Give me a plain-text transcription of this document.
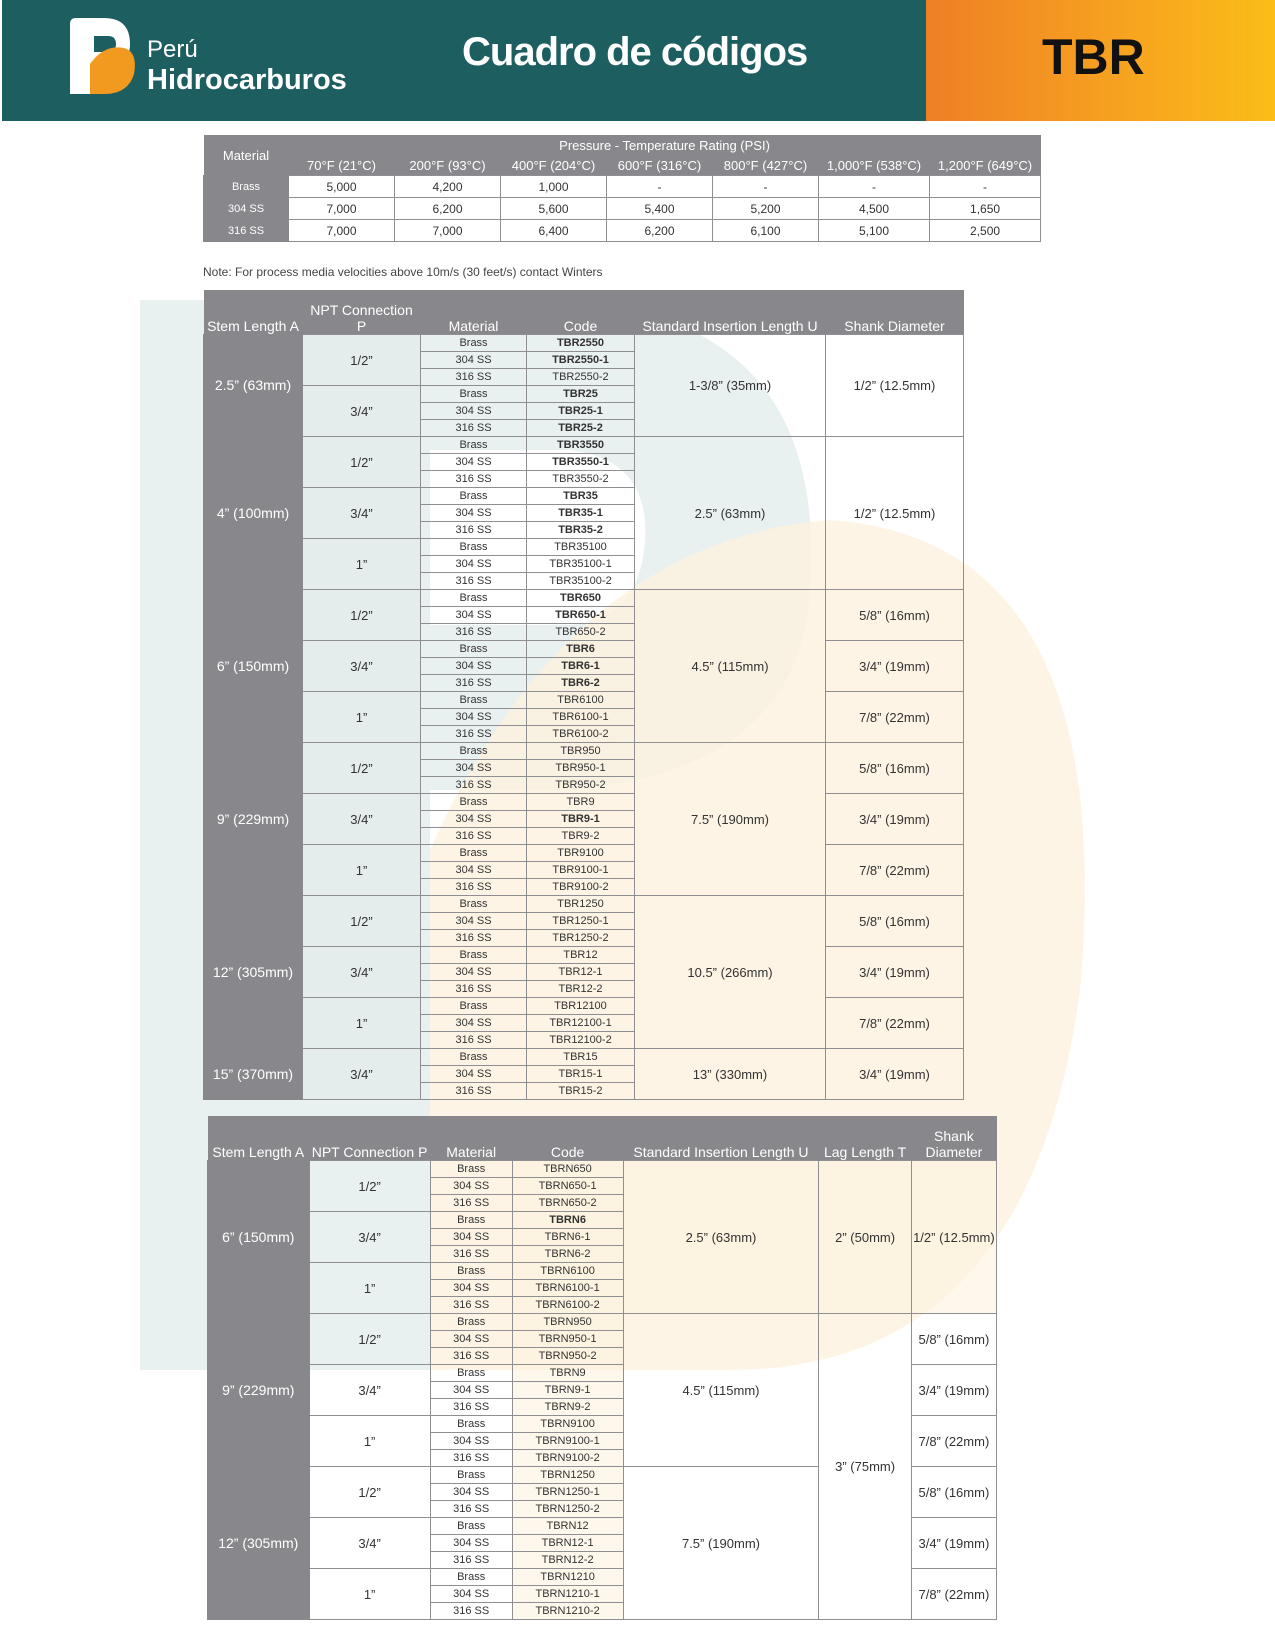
Perú
Hidrocarburos
Cuadro de códigos	TBR
Material	Pressure - Temperature Rating (PSI)						
	70°F (21°C)	200°F (93°C)	400°F (204°C)	600°F (316°C)	800°F (427°C)	1,000°F (538°C)	1,200°F (649°C)
Brass	5,000	4,200	1,000	-	-	-	-
304 SS	7,000	6,200	5,600	5,400	5,200	4,500	1,650
316 SS	7,000	7,000	6,400	6,200	6,100	5,100	2,500
Note: For process media velocities above 10m/s (30 feet/s) contact Winters
Stem Length A	NPT Connection P	Material	Code	Standard Insertion Length U	Shank Diameter
2.5” (63mm)	1/2”	Brass	TBR2550	1-3/8” (35mm)	1/2” (12.5mm)
		304 SS	TBR2550-1		
		316 SS	TBR2550-2		
	3/4”	Brass	TBR25		
		304 SS	TBR25-1		
		316 SS	TBR25-2		
4” (100mm)	1/2”	Brass	TBR3550	2.5” (63mm)	1/2” (12.5mm)
		304 SS	TBR3550-1		
		316 SS	TBR3550-2		
	3/4”	Brass	TBR35		
		304 SS	TBR35-1		
		316 SS	TBR35-2		
	1”	Brass	TBR35100		
		304 SS	TBR35100-1		
		316 SS	TBR35100-2		
6” (150mm)	1/2”	Brass	TBR650	4.5” (115mm)	5/8” (16mm)
		304 SS	TBR650-1		
		316 SS	TBR650-2		
	3/4”	Brass	TBR6		3/4” (19mm)
		304 SS	TBR6-1		
		316 SS	TBR6-2		
	1”	Brass	TBR6100		7/8” (22mm)
		304 SS	TBR6100-1		
		316 SS	TBR6100-2		
9” (229mm)	1/2”	Brass	TBR950	7.5” (190mm)	5/8” (16mm)
		304 SS	TBR950-1		
		316 SS	TBR950-2		
	3/4”	Brass	TBR9		3/4” (19mm)
		304 SS	TBR9-1		
		316 SS	TBR9-2		
	1”	Brass	TBR9100		7/8” (22mm)
		304 SS	TBR9100-1		
		316 SS	TBR9100-2		
12” (305mm)	1/2”	Brass	TBR1250	10.5” (266mm)	5/8” (16mm)
		304 SS	TBR1250-1		
		316 SS	TBR1250-2		
	3/4”	Brass	TBR12		3/4” (19mm)
		304 SS	TBR12-1		
		316 SS	TBR12-2		
	1”	Brass	TBR12100		7/8” (22mm)
		304 SS	TBR12100-1		
		316 SS	TBR12100-2		
15” (370mm)	3/4”	Brass	TBR15	13” (330mm)	3/4” (19mm)
		304 SS	TBR15-1		
		316 SS	TBR15-2		
Stem Length A	NPT Connection P	Material	Code	Standard Insertion Length U	Lag Length T	Shank Diameter
6” (150mm)	1/2”	Brass	TBRN650	2.5” (63mm)	2” (50mm)	1/2” (12.5mm)
		304 SS	TBRN650-1			
		316 SS	TBRN650-2			
	3/4”	Brass	TBRN6			
		304 SS	TBRN6-1			
		316 SS	TBRN6-2			
	1”	Brass	TBRN6100			
		304 SS	TBRN6100-1			
		316 SS	TBRN6100-2			
9” (229mm)	1/2”	Brass	TBRN950	4.5” (115mm)	3” (75mm)	5/8” (16mm)
		304 SS	TBRN950-1			
		316 SS	TBRN950-2			
	3/4”	Brass	TBRN9			3/4” (19mm)
		304 SS	TBRN9-1			
		316 SS	TBRN9-2			
	1”	Brass	TBRN9100			7/8” (22mm)
		304 SS	TBRN9100-1			
		316 SS	TBRN9100-2			
12” (305mm)	1/2”	Brass	TBRN1250	7.5” (190mm)		5/8” (16mm)
		304 SS	TBRN1250-1			
		316 SS	TBRN1250-2			
	3/4”	Brass	TBRN12			3/4” (19mm)
		304 SS	TBRN12-1			
		316 SS	TBRN12-2			
	1”	Brass	TBRN1210			7/8” (22mm)
		304 SS	TBRN1210-1			
		316 SS	TBRN1210-2			
